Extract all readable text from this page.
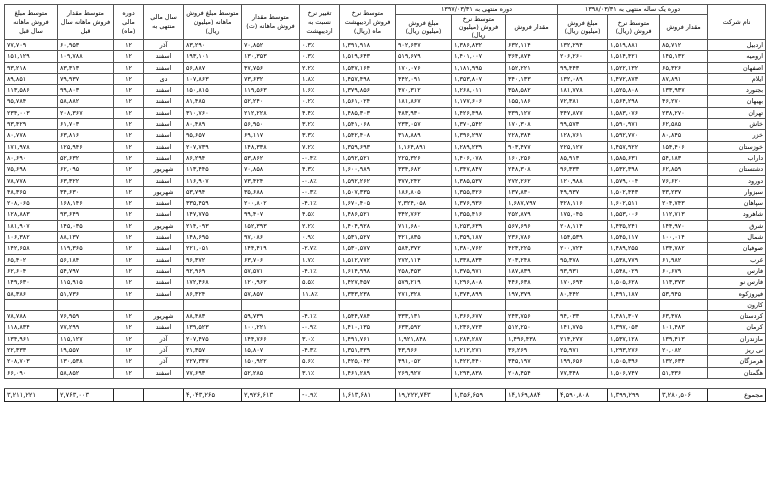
نام شرکت	دوره یک ساله منتهی به ۱۳۹۸/۰۳/۳۱			دوره منتهی به ۱۳۹۷/۰۳/۳۱			متوسط نرخ فروش اردیبهشت ماه (ریال)	تغییر نرخ نسبت به اردیبهشت	متوسط مقدار فروش ماهانه (ت)	متوسط مبلغ فروش ماهانه (میلیون ریال)	سال مالی منتهی به	دوره مالی (ماه)	متوسط مقدار فروش ماهانه سال قبل	متوسط مبلغ فروش ماهانه سال قبل
	مقدار فروش	متوسط نرخ فروش (ریال)	مبلغ فروش (میلیون ریال)	مقدار فروش	متوسط نرخ فروش (میلیون ریال)	مبلغ فروش (میلیون ریال)								
اردبیل	۸۵,۷۱۲	۱,۵۱۹,۸۸۱	۱۳۲,۲۹۴	۶۳۲,۱۱۴	۱,۳۸۶,۸۳۲	۹۰۲,۶۳۷	۱,۳۹۱,۹۱۸	۰.۳٪	۷۰,۸۵۲	۸۳,۲۹۰	آذر	۱۲	۶۰,۹۵۳	۷۷,۷۰۹
ارومیه	۱۴۵,۱۳۲	۱,۵۱۴,۴۲۱	۲۰۶,۲۶۰	۳۶۴,۸۷۴	۱,۴۰۱,۰۰۷	۵۱۹,۶۷۹	۱,۵۱۹,۶۴۳	۰.۳٪	۱۳۰,۳۵۳	۱۹۳,۱۰۱	اسفند	۱۲	۱۰۹,۷۸۸	۱۵۱,۱۲۹
اصفهان	۶۵,۳۲۶	۱,۵۲۲,۱۳۲	۹۹,۴۴۳	۱۵۲,۲۲۱	۱,۱۸۱,۹۹۵	۱۷۰,۰۷۶	۱,۵۳۷,۱۶۴	۲.۲٪	۴۷,۷۵۶	۵۶,۸۸۷	اسفند	۱۲	۸۳,۳۱۳	۹۳,۲۱۸
ایلام	۸۷,۸۹۱	۱,۴۷۲,۸۷۳	۱۳۲,۰۸۹	۳۴۰,۱۳۳	۱,۳۵۳,۸۰۷	۴۴۲,۰۹۱	۱,۴۵۷,۴۹۸	۱.۸٪	۷۳,۶۳۲	۱۰۷,۸۶۳	دی	۱۲	۷۹,۹۳۷	۸۹,۸۵۱
بجنورد	۱۳۳,۹۳۷	۱,۵۲۵,۸۰۸	۱۸۱,۷۷۸	۳۵۸,۵۸۲	۱,۲۶۸,۰۱۱	۴۷۰,۳۱۲	۱,۳۷۹,۸۵۶	۱.۶٪	۱۱۹,۵۶۳	۱۵۰,۸۱۵	اسفند	۱۲	۹۹,۸۰۳	۱۱۳,۵۸۶
بهبهان	۴۶,۲۷۰	۱,۵۶۴,۲۹۸	۷۲,۳۸۱	۱۵۵,۱۸۶	۱,۱۷۷,۶۰۶	۱۸۱,۸۶۷	۱,۵۶۱,۰۲۴	۰.۲٪	۵۲,۲۴۰	۸۱,۴۸۵	اسفند	۱۲	۵۸,۸۸۲	۹۵,۷۸۴
تهران	۲۳۸,۲۷۰	۱,۵۸۳,۰۷۶	۳۴۷,۸۷۷	۳۳۹,۱۲۷	۱,۴۲۶,۴۹۸	۴۸۳,۹۳۰	۱,۴۸۵,۳۰۳	۴.۴٪	۲۱۲,۲۲۸	۳۱۰,۷۶۰	اسفند	۱۲	۲۰۸,۳۶۷	۲۳۴,۰۰۳
خاش	۶۲,۵۸۵	۱,۵۹۰,۹۷۱	۹۹,۵۷۳	۱۷۰,۳۰۸	۱,۳۷۰,۵۴۲	۲۳۳,۰۵۷	۱,۵۴۱,۰۶۸	۳.۲٪	۵۶,۹۵۰	۸۰,۴۸۹	اسفند	۱۲	۶۱,۷۰۳	۹۳,۴۲۹
خزر	۸۰,۸۴۵	۱,۵۹۲,۷۷۰	۱۲۸,۷۶۱	۲۲۸,۳۸۴	۱,۳۹۶,۲۹۷	۳۱۸,۸۸۹	۱,۵۴۲,۴۰۸	۳.۳٪	۶۹,۱۱۷	۹۵,۶۵۷	اسفند	۱۲	۶۳,۸۱۶	۸۰,۷۷۸
خوزستان	۱۵۴,۴۰۶	۱,۴۵۷,۹۲۲	۲۲۵,۱۲۷	۹۰۳,۴۷۷	۱,۲۸۹,۲۳۹	۱,۱۶۴,۸۹۱	۱,۳۵۹,۶۹۳	۷.۲٪	۱۴۸,۳۳۸	۲۰۷,۷۳۹	اسفند	۱۲	۱۲۵,۹۴۶	۱۷۱,۹۷۸
داراب	۵۴,۱۸۳	۱,۵۸۵,۶۳۱	۸۵,۹۱۳	۱۶۰,۲۵۶	۱,۴۰۶,۰۷۸	۲۲۵,۳۲۶	۱,۵۹۲,۵۲۱	-۰.۴٪	۵۳,۸۶۲	۸۶,۲۹۴	اسفند	۱۲	۵۲,۶۳۲	۸۰,۶۹۰
دشتستان	۶۲,۸۵۹	۱,۵۳۲,۳۹۸	۹۶,۳۳۳	۲۴۸,۳۰۸	۱,۳۴۷,۸۴۷	۳۳۴,۶۸۲	۱,۶۰۰,۹۸۹	۴.۳٪	۷۰,۸۵۸	۱۱۳,۴۴۵	شهریور	۱۲	۶۲,۰۹۵	۷۵,۶۹۸
دورود	۷۶,۶۲۰	۱,۵۷۹,۰۰۴	۱۲۰,۹۸۸	۲۷۲,۲۶۲	۱,۳۸۵,۵۳۷	۳۷۷,۲۴۲	۱,۵۹۲,۲۶۲	-۰.۸٪	۷۳,۴۲۴	۱۱۶,۹۰۷	اسفند	۱۲	۶۳,۳۲۲	۷۸,۷۷۸
سبزوار	۳۳,۲۳۷	۱,۵۰۲,۴۴۳	۴۹,۹۳۷	۱۳۷,۸۳۰	۱,۳۵۵,۳۲۶	۱۸۶,۸۰۵	۱,۵۰۷,۳۳۵	-۰.۳٪	۳۵,۶۸۸	۵۳,۷۹۴	شهریور	۱۲	۳۴,۶۳۰	۴۸,۳۶۵
سپاهان	۲۰۴,۷۴۳	۱,۶۰۲,۵۱۱	۳۲۸,۱۱۶	۱,۶۸۷,۷۹۷	۱,۳۷۶,۹۳۶	۲,۳۲۴,۰۵۸	۱,۶۷۰,۴۰۵	-۴.۱٪	۲۰۰,۸۰۲	۳۳۵,۴۵۹	اسفند	۱۲	۱۶۸,۱۴۶	۲۰۸,۰۶۵
شاهرود	۱۱۲,۷۱۳	۱,۵۵۳,۰۰۶	۱۷۵,۰۴۵	۲۵۲,۸۷۹	۱,۳۵۵,۴۱۶	۳۴۲,۷۶۲	۱,۴۸۶,۵۲۱	۴.۵٪	۹۹,۴۰۷	۱۴۷,۷۷۵	اسفند	۱۲	۹۳,۶۴۹	۱۲۸,۸۸۳
شرق	۱۴۴,۹۷۰	۱,۴۳۵,۲۴۱	۲۰۸,۱۱۴	۵۶۷,۶۹۶	۱,۲۵۳,۶۳۹	۷۱۱,۶۸۰	۱,۴۰۴,۹۲۸	۲.۲٪	۱۵۲,۳۹۳	۲۱۴,۰۹۳	شهریور	۱۲	۱۴۵,۰۳۵	۱۸۱,۹۰۷
شمال	۱۰۰,۰۱۴	۱,۵۴۵,۱۱۷	۱۵۴,۵۳۹	۲۳۶,۷۸۶	۱,۳۵۹,۱۸۷	۳۲۱,۸۳۵	۱,۵۳۱,۵۲۷	۰.۹٪	۹۷,۰۸۶	۱۴۸,۶۹۵	اسفند	۱۲	۸۸,۱۳۷	۱۰۶,۳۸۲
صوفیان	۱۳۴,۷۸۲	۱,۴۸۹,۲۵۵	۲۰۰,۷۲۴	۴۲۳,۲۲۵	۱,۳۸۰,۷۶۲	۵۸۴,۳۷۲	۱,۵۳۰,۵۷۷	-۲.۷٪	۱۴۴,۴۱۹	۲۲۱,۰۵۱	اسفند	۱۲	۱۱۹,۳۶۵	۱۴۲,۶۵۸
غرب	۶۱,۹۸۲	۱,۵۳۸,۷۷۹	۹۵,۳۷۸	۲۰۳,۲۴۸	۱,۳۳۸,۸۳۴	۲۷۲,۱۱۴	۱,۵۱۲,۷۷۲	۱.۷٪	۶۳,۷۰۶	۹۶,۳۷۲	اسفند	۱۲	۵۶,۱۸۴	۶۵,۴۰۲
فارس	۶۰,۶۷۹	۱,۵۴۸,۰۲۹	۹۳,۹۳۱	۱۸۷,۸۳۹	۱,۳۷۵,۹۷۱	۲۵۸,۴۵۳	۱,۶۱۴,۹۹۸	-۴.۱٪	۵۷,۵۷۱	۹۲,۹۶۹	اسفند	۱۲	۵۴,۷۹۷	۶۲,۶۰۴
فارس نو	۱۱۳,۳۷۳	۱,۵۰۵,۶۲۸	۱۷۰,۶۹۴	۴۴۶,۶۳۸	۱,۲۹۶,۸۰۸	۵۷۹,۲۱۹	۱,۴۲۷,۴۵۷	۵.۵٪	۱۲۰,۹۶۲	۱۷۲,۴۶۸	اسفند	۱۲	۱۱۵,۹۱۵	۱۴۹,۶۳۰
فیروزکوه	۵۳,۹۴۵	۱,۴۹۱,۱۸۷	۸۰,۴۴۲	۱۹۷,۳۷۹	۱,۳۷۴,۸۹۹	۲۷۱,۳۲۸	۱,۳۳۳,۲۳۸	۱۱.۸٪	۵۷,۸۵۷	۸۶,۳۲۴	اسفند	۱۲	۵۱,۷۳۶	۵۸,۳۸۶
کارون														
کردستان	۶۳,۴۷۸	۱,۴۸۱,۳۰۷	۹۴,۰۳۳	۲۴۳,۷۵۶	۱,۳۶۶,۶۷۷	۳۳۳,۱۳۱	۱,۵۴۴,۷۸۴	-۴.۱٪	۵۹,۷۳۹	۸۸,۴۸۳	شهریور	۱۲	۷۶,۹۵۹	۷۸,۷۸۸
کرمان	۱۰۱,۴۸۳	۱,۳۹۷,۰۵۳	۱۴۱,۷۷۵	۵۱۲,۲۵۰	۱,۲۳۶,۷۲۳	۶۳۳,۵۹۲	۱,۴۱۰,۱۳۵	-۰.۹٪	۱۰۰,۲۲۱	۱۳۹,۵۲۳	اسفند	۱۲	۷۷,۲۹۹	۱۱۸,۸۳۴
مازندران	۱۳۹,۴۱۳	۱,۵۳۷,۱۲۸	۲۱۴,۲۷۷	۱,۴۹۶,۴۳۸	۱,۲۸۴,۲۸۷	۱,۹۲۱,۸۴۸	۱,۴۹۱,۷۶۱	۳.۰٪	۱۴۴,۷۶۶	۲۰۷,۴۷۵	آذر	۱۲	۱۱۵,۱۲۷	۱۳۴,۹۶۱
نی ریز	۲۰,۰۸۲	۱,۲۹۳,۲۷۶	۲۵,۹۷۱	۳۶,۲۶۹	۱,۲۱۲,۲۷۱	۴۳,۹۶۶	۱,۳۵۱,۳۳۹	-۴.۳٪	۱۵,۸۰۷	۲۱,۳۵۷	آذر	۱۲	۱۹,۵۵۷	۲۲,۳۳۳
هرمزگان	۱۳۲,۶۳۴	۱,۵۰۵,۳۹۶	۱۹۹,۶۵۶	۳۴۵,۱۹۷	۱,۴۲۲,۴۴۰	۴۹۱,۰۵۲	۱,۴۲۵,۰۴۲	۵.۶٪	۱۵۰,۹۲۲	۲۲۷,۳۴۷	آذر	۱۲	۱۳۰,۵۳۸	۲۰۸,۷۰۳
هگمتان	۵۱,۳۳۶	۱,۵۰۶,۷۴۷	۷۷,۳۴۸	۲۰۸,۴۵۴	۱,۲۹۴,۸۳۸	۲۶۹,۹۲۷	۱,۴۶۱,۲۸۹	۳.۱٪	۵۲,۲۸۵	۷۷,۶۹۳	اسفند	۱۲	۵۸,۸۵۲	۶۶,۰۹۰

مجموع	۳,۲۸۰,۵۰۶	۱,۳۹۹,۲۹۹	۴,۵۹۰,۸۰۸	۱۴,۱۶۹,۸۸۴	۱,۳۵۶,۶۵۹	۱۹,۲۲۲,۷۴۳	۱,۶۱۳,۶۸۱	-۰.۹٪	۲,۹۲۶,۶۱۳	۴,۰۴۳,۲۶۵			۲,۷۶۳,۰۰۳	۳,۲۱۱,۲۲۱
